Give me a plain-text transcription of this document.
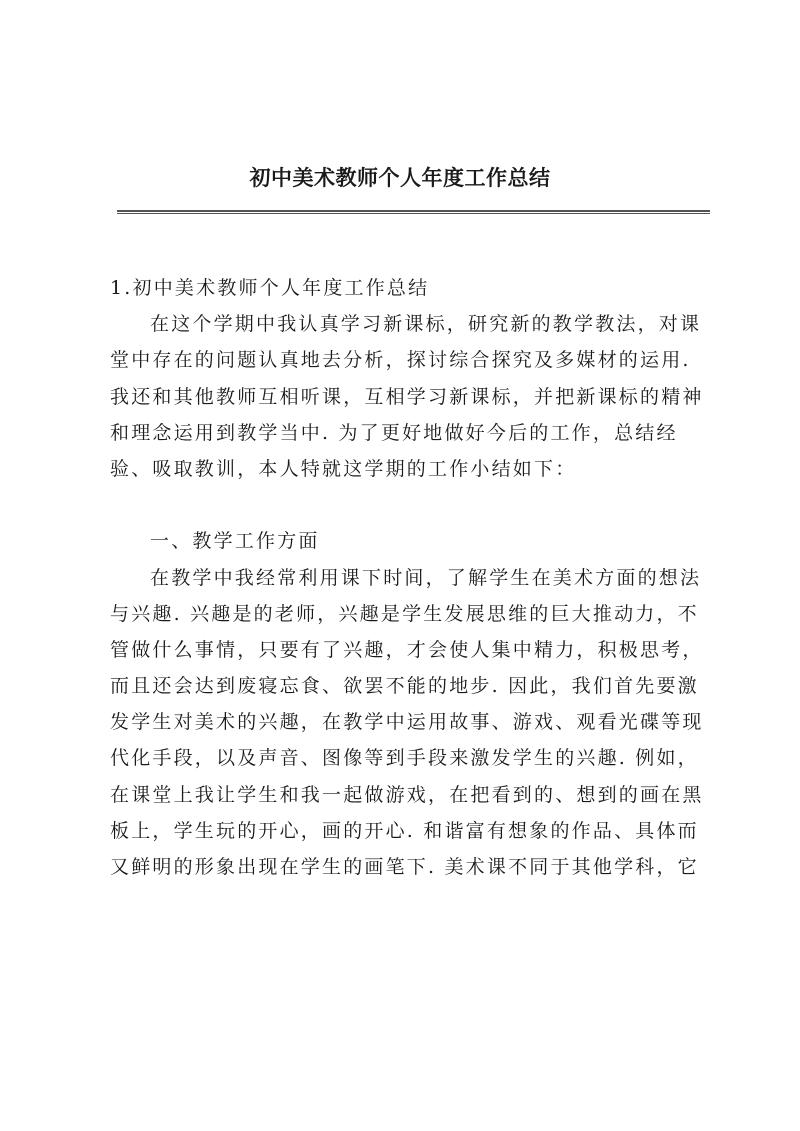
初中美术教师个人年度工作总结
1.初中美术教师个人年度工作总结
在这个学期中我认真学习新课标，研究新的教学教法，对课
堂中存在的问题认真地去分析，探讨综合探究及多媒材的运用.
我还和其他教师互相听课，互相学习新课标，并把新课标的精神
和理念运用到教学当中. 为了更好地做好今后的工作，总结经
验、吸取教训，本人特就这学期的工作小结如下：
一、教学工作方面
在教学中我经常利用课下时间，了解学生在美术方面的想法
与兴趣. 兴趣是的老师，兴趣是学生发展思维的巨大推动力，不
管做什么事情，只要有了兴趣，才会使人集中精力，积极思考，
而且还会达到废寝忘食、欲罢不能的地步. 因此，我们首先要激
发学生对美术的兴趣，在教学中运用故事、游戏、观看光碟等现
代化手段，以及声音、图像等到手段来激发学生的兴趣. 例如，
在课堂上我让学生和我一起做游戏，在把看到的、想到的画在黑
板上，学生玩的开心，画的开心. 和谐富有想象的作品、具体而
又鲜明的形象出现在学生的画笔下. 美术课不同于其他学科，它
